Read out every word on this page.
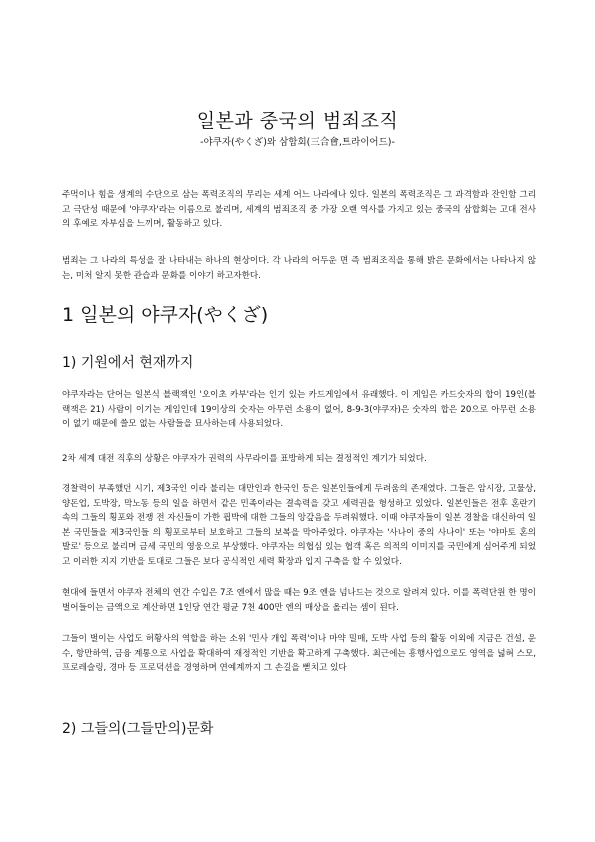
일본과 중국의 범죄조직
-야쿠자(やくざ)와 삼합회(三合會,트라이어드)-
주먹이나 힘을 생계의 수단으로 삼는 폭력조직의 무리는 세계 어느 나라에나 있다. 일본의 폭력조직은 그 과격함과 잔인함 그리고 극단성 때문에 '야쿠자'라는 이름으로 불리며, 세계의 범죄조직 중 가장 오랜 역사를 가지고 있는 중국의 삼합회는 고대 전사의 후예로 자부심을 느끼며, 활동하고 있다.
범죄는 그 나라의 특성을 잘 나타내는 하나의 현상이다. 각 나라의 어두운 면 즉 범죄조직을 통해 밝은 문화에서는 나타나지 않는, 미처 알지 못한 관습과 문화를 이야기 하고자한다.
1 일본의 야쿠자(やくざ)
1) 기원에서 현재까지
야쿠자라는 단어는 일본식 블랙잭인 '오이초 카부'라는 인기 있는 카드게임에서 유래했다. 이 게임은 카드숫자의 합이 19인(블랙잭은 21) 사람이 이기는 게임인데 19이상의 숫자는 아무런 소용이 없어, 8-9-3(야쿠자)은 숫자의 합은 20으로 아무런 소용이 없기 때문에 쓸모 없는 사람들을 묘사하는데 사용되었다.
2차 세계 대전 직후의 상황은 야쿠자가 권력의 사무라이를 표방하게 되는 결정적인 계기가 되었다.
경찰력이 부족했던 시기, 제3국인 이라 불리는 대만인과 한국인 등은 일본인들에게 두려움의 존재였다. 그들은 암시장, 고물상, 양돈업, 도박장, 막노동 등의 일을 하면서 같은 민족이라는 결속력을 갖고 세력권을 형성하고 있었다. 일본인들은 전후 혼란기 속의 그들의 횡포와 전쟁 전 자신들이 가한 핍박에 대한 그들의 앙갚음을 두려워했다. 이때 야쿠자들이 일본 경찰을 대신하여 일본 국민들을 제3국인들 의 횡포로부터 보호하고 그들의 보복을 막아주었다. 야쿠자는 '사나이 중의 사나이' 또는 '야마토 혼의 발로' 등으로 불리며 금세 국민의 영웅으로 부상했다. 야쿠자는 의협심 있는 협객 혹은 의적의 이미지를 국민에게 심어주게 되었고 이러한 지지 기반을 토대로 그들은 보다 공식적인 세력 확장과 입지 구축을 할 수 있었다.
현대에 들면서 야쿠자 전체의 연간 수입은 7조 엔에서 많을 때는 9조 엔을 넘나드는 것으로 알려져 있다. 이를 폭력단원 한 명이 벌어들이는 금액으로 계산하면 1인당 연간 평균 7천 400만 엔의 매상을 올리는 셈이 된다.
그들이 벌이는 사업도 허황사의 역할을 하는 소위 '민사 개입 폭력'이나 마약 밀매, 도박 사업 등의 활동 이외에 지금은 건설, 운수, 항만하역, 금융 계통으로 사업을 확대하여 재정적인 기반을 확고하게 구축했다. 최근에는 흥행사업으로도 영역을 넓혀 스모, 프로레슬링, 경마 등 프로덕션을 경영하며 연예계까지 그 손길을 뻗치고 있다
2) 그들의(그들만의)문화
